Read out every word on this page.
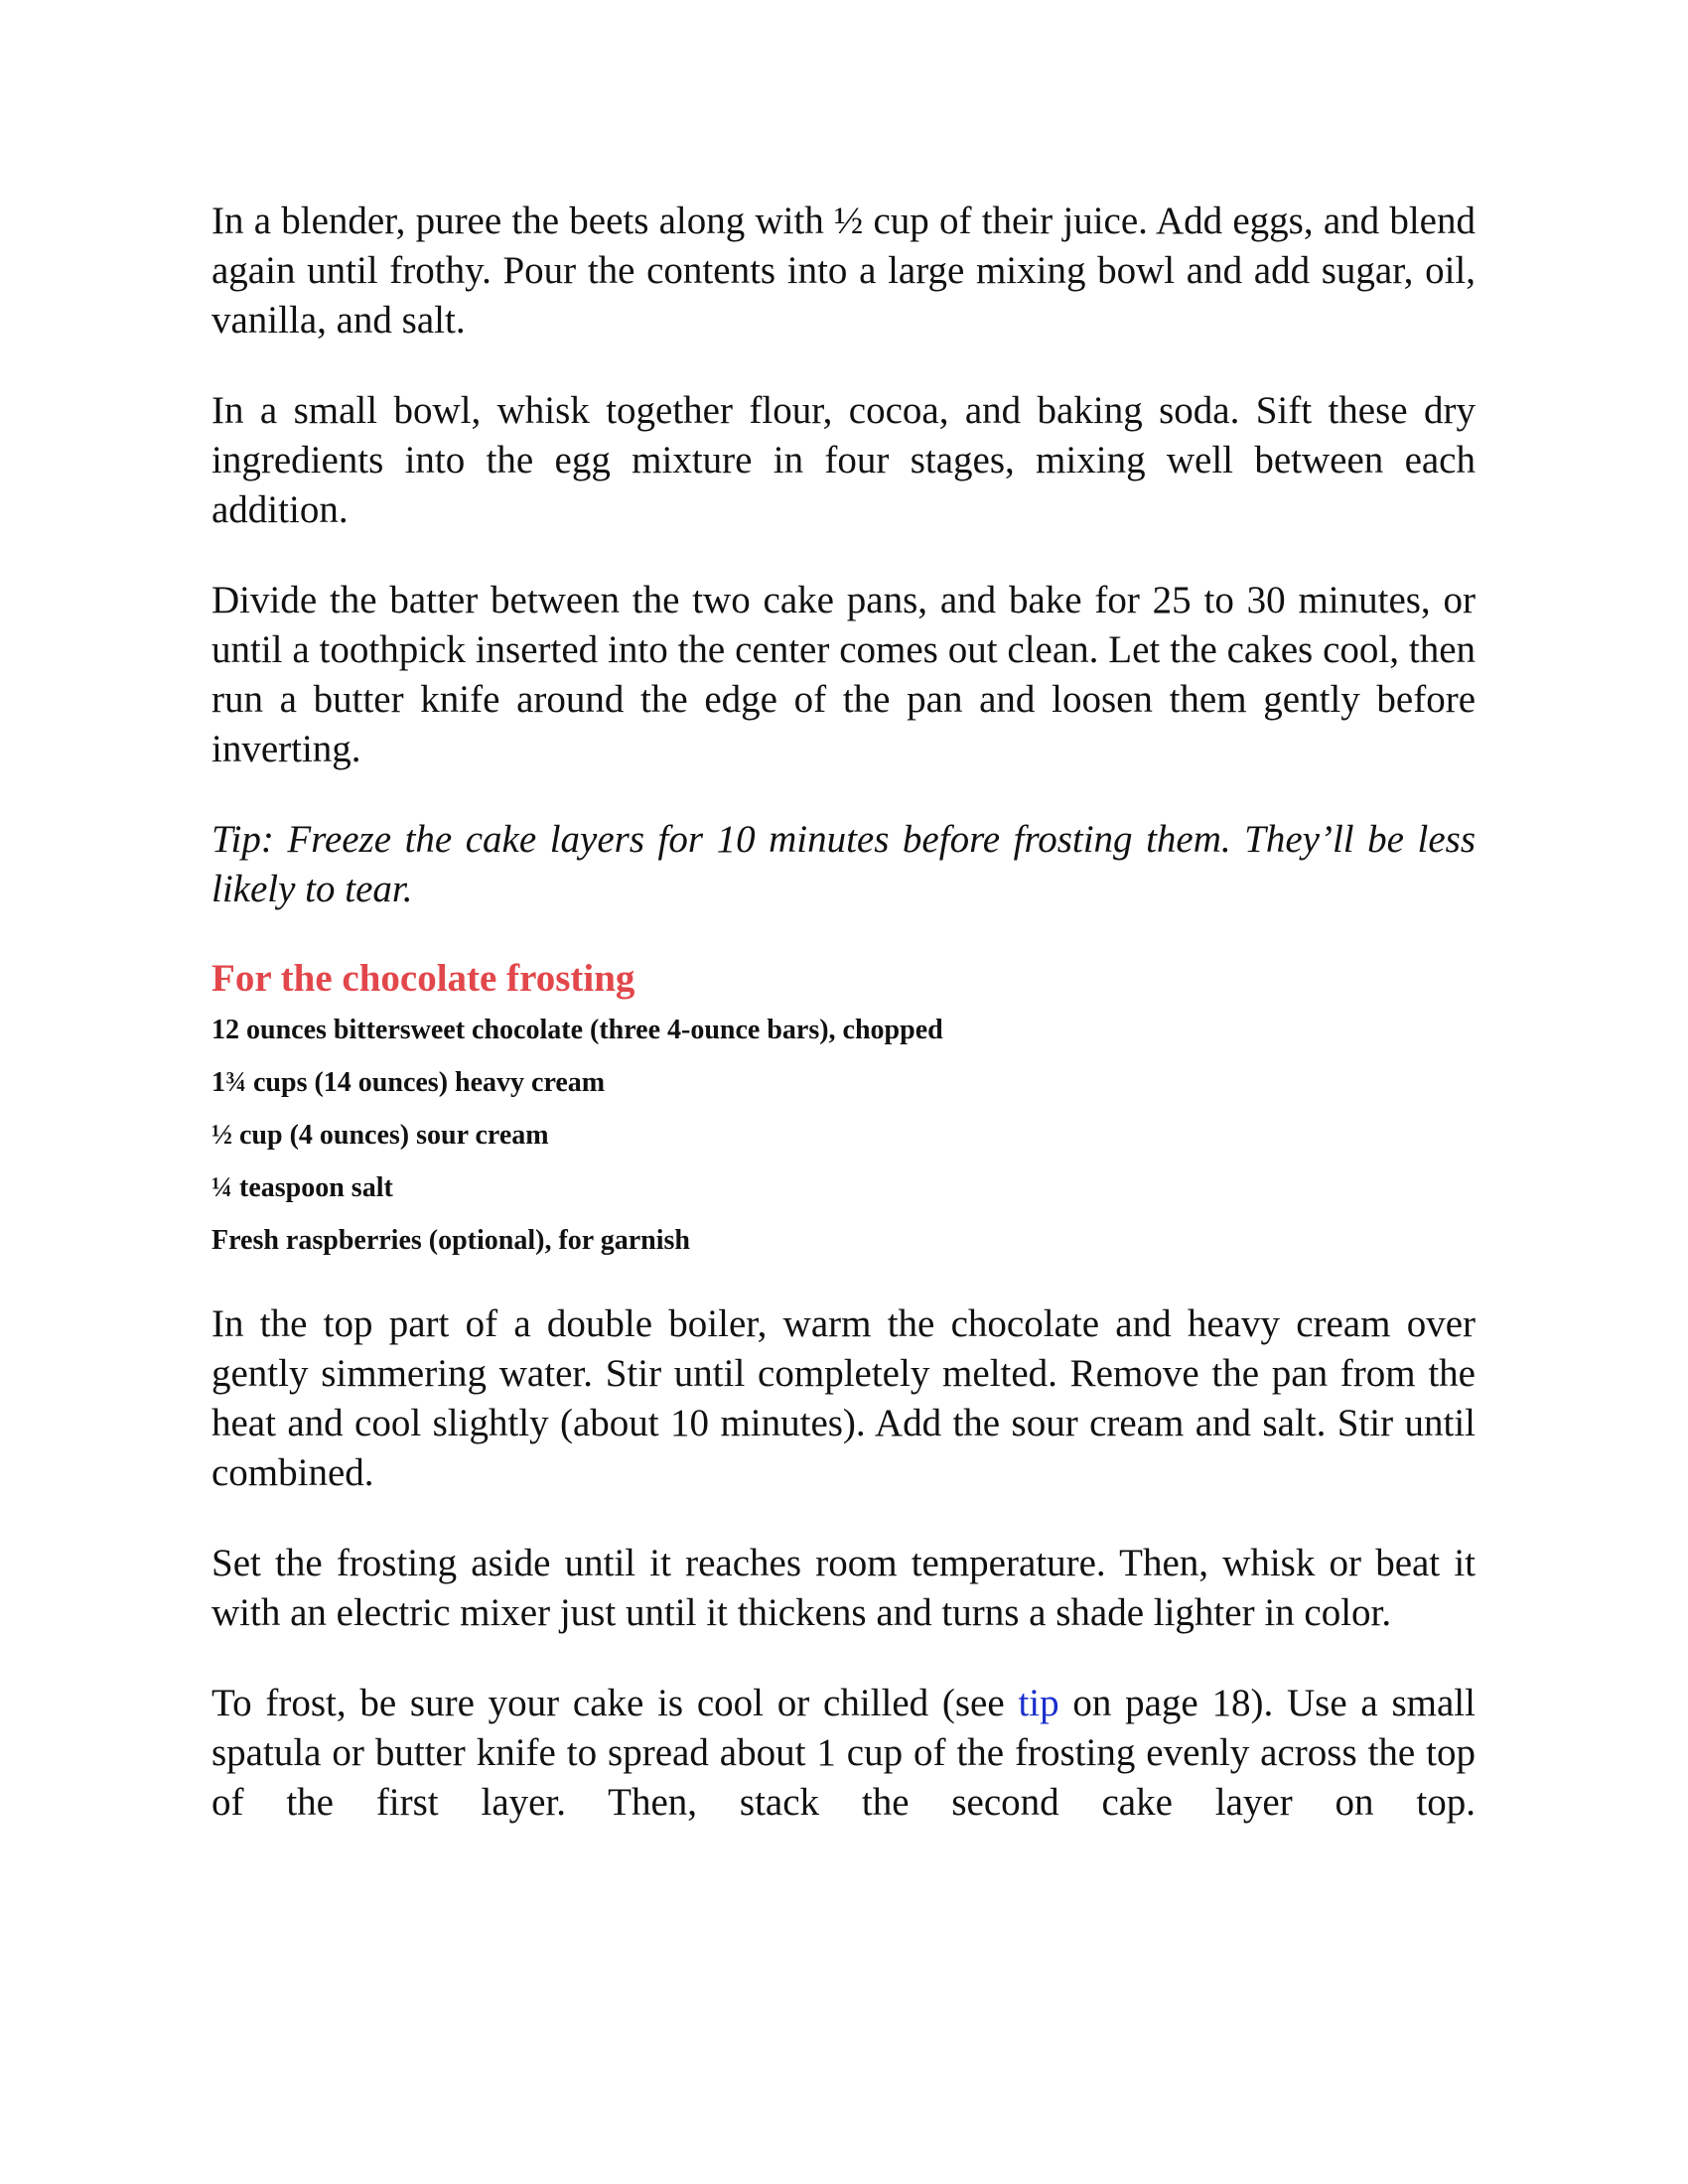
In a blender, puree the beets along with ½ cup of their juice. Add eggs, and blend again until frothy. Pour the contents into a large mixing bowl and add sugar, oil, vanilla, and salt.

In a small bowl, whisk together flour, cocoa, and baking soda. Sift these dry ingredients into the egg mixture in four stages, mixing well between each addition.

Divide the batter between the two cake pans, and bake for 25 to 30 minutes, or until a toothpick inserted into the center comes out clean. Let the cakes cool, then run a butter knife around the edge of the pan and loosen them gently before inverting.

Tip: Freeze the cake layers for 10 minutes before frosting them. They’ll be less likely to tear.

For the chocolate frosting
12 ounces bittersweet chocolate (three 4-ounce bars), chopped
1¾ cups (14 ounces) heavy cream
½ cup (4 ounces) sour cream
¼ teaspoon salt
Fresh raspberries (optional), for garnish

In the top part of a double boiler, warm the chocolate and heavy cream over gently simmering water. Stir until completely melted. Remove the pan from the heat and cool slightly (about 10 minutes). Add the sour cream and salt. Stir until combined.

Set the frosting aside until it reaches room temperature. Then, whisk or beat it with an electric mixer just until it thickens and turns a shade lighter in color.

To frost, be sure your cake is cool or chilled (see tip on page 18). Use a small spatula or butter knife to spread about 1 cup of the frosting evenly across the top of the first layer. Then, stack the second cake layer on top.
